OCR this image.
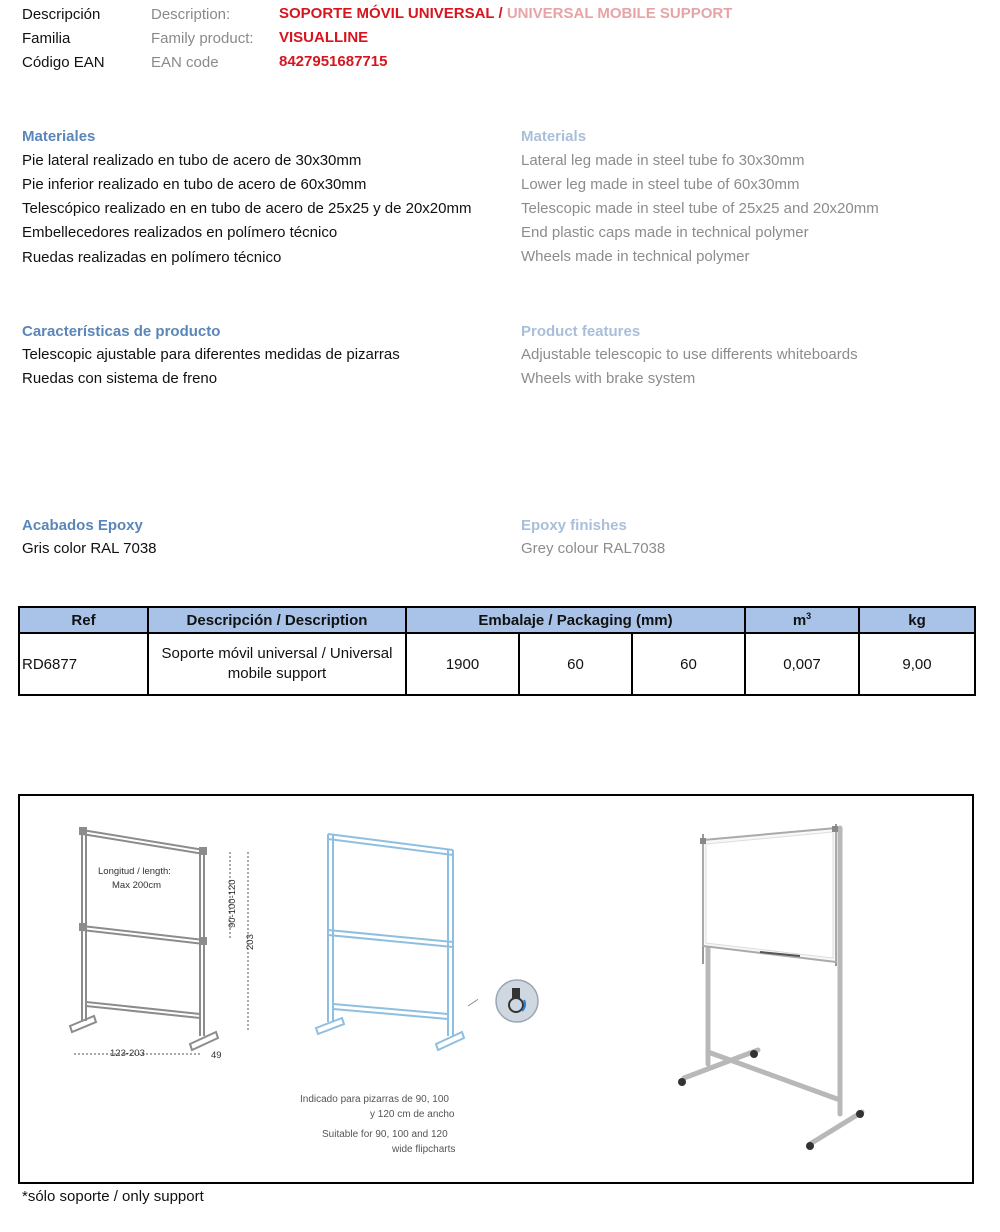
Descripción	Description:	SOPORTE MÓVIL UNIVERSAL / UNIVERSAL MOBILE SUPPORT
Familia	Family product: VISUALLINE
Código EAN	EAN code	8427951687715
Materiales	Materials
Pie lateral realizado en tubo de acero de 30x30mm
Pie inferior realizado en tubo de acero de 60x30mm
Telescópico realizado en en tubo de acero de 25x25 y de 20x20mm
Embellecedores realizados en polímero técnico
Ruedas realizadas en polímero técnico
Lateral leg made in steel tube fo 30x30mm
Lower leg made in steel tube of 60x30mm
Telescopic made in steel tube of 25x25 and 20x20mm
End plastic caps made in technical polymer
Wheels made in technical polymer
Características de producto	Product features
Telescopic ajustable para diferentes medidas de pizarras
Ruedas con sistema de freno
Adjustable telescopic to use differents whiteboards
Wheels with brake system
Acabados Epoxy	Epoxy finishes
Gris color RAL 7038	Grey colour RAL7038
Ref	Descripción / Description	Embalaje / Packaging (mm)			$m^3$	kg
RD6877	Soporte móvil universal / Universal mobile support	1900	60	60	0,007	9,00
Longitud / length:
Max 200cm	90-100-120
203
123-203	49
Indicado para pizarras de 90, 100
y 120 cm de ancho
Suitable for 90, 100 and 120
wide flipcharts
*sólo soporte / only support
